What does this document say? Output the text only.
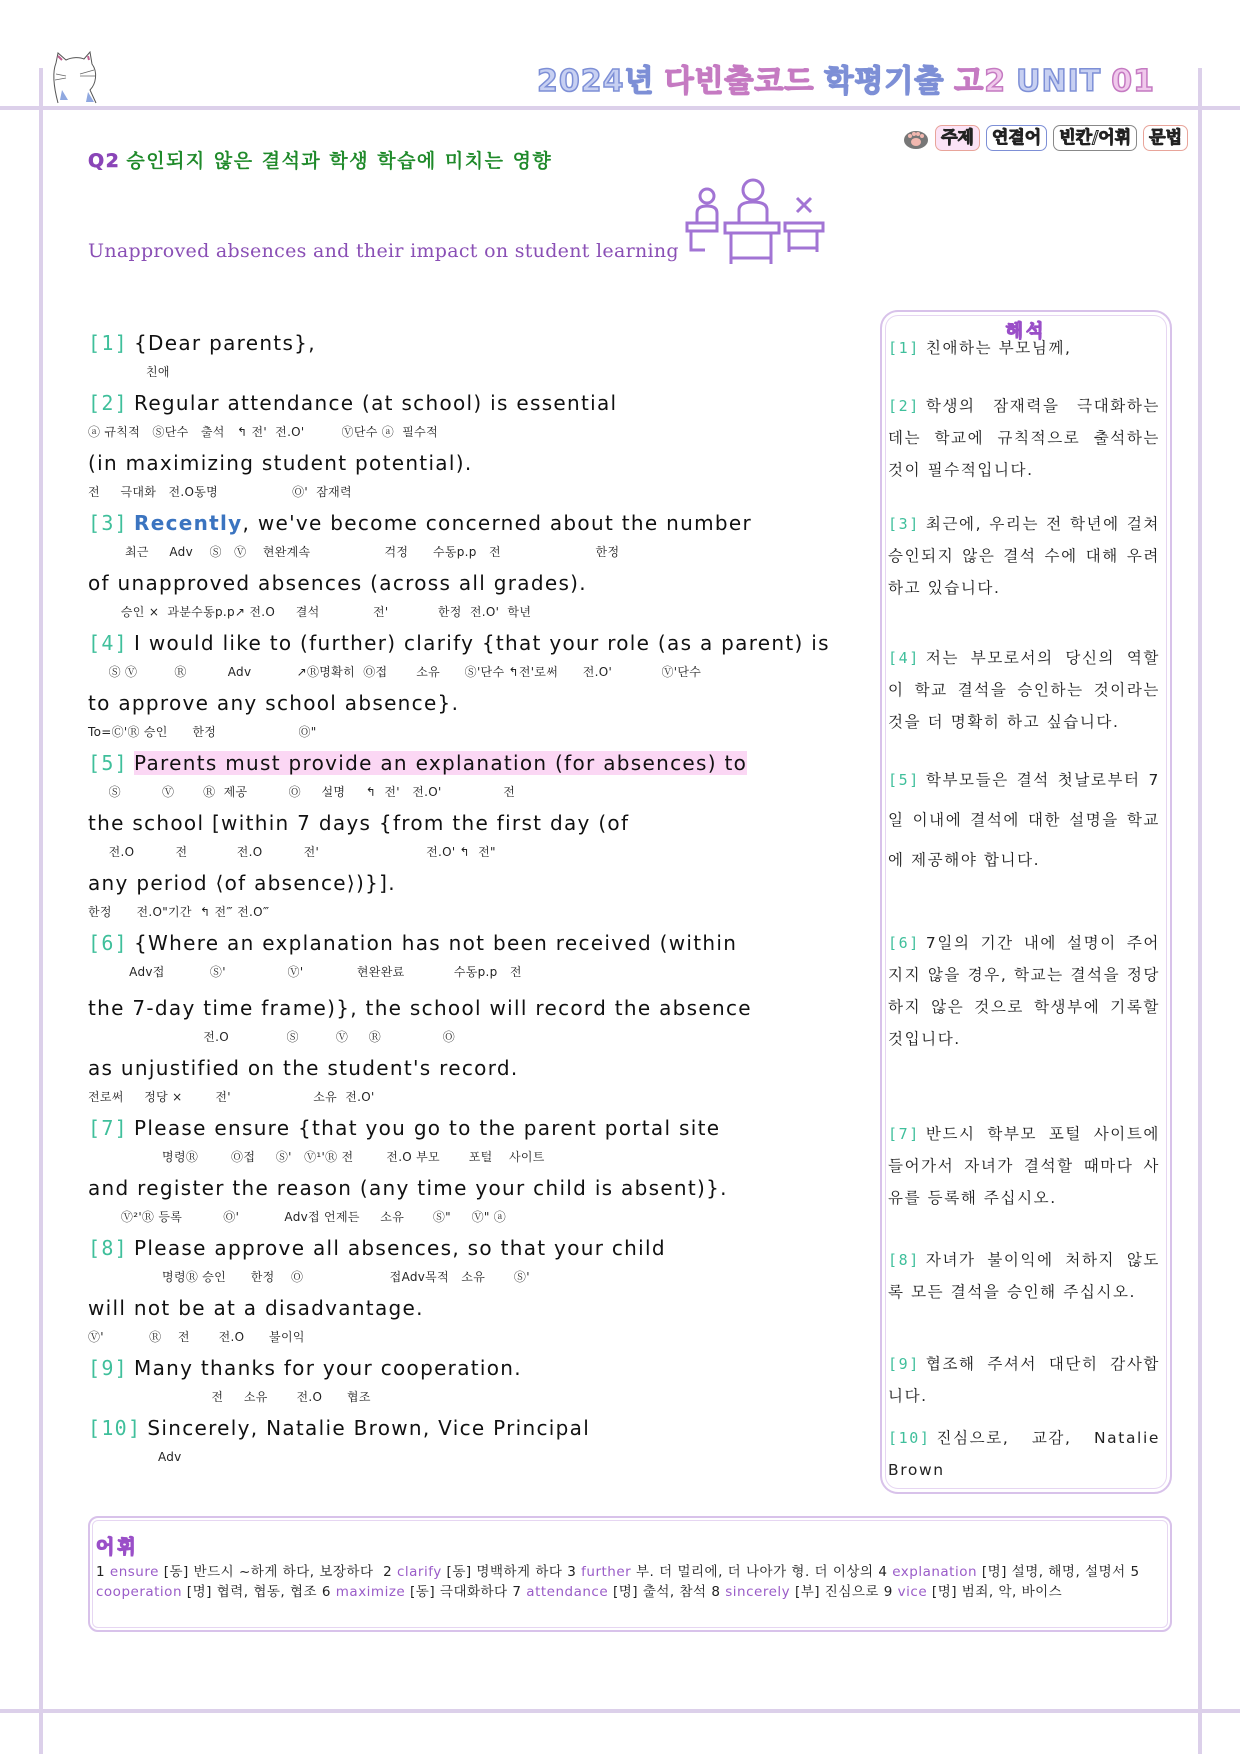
2024년 다빈출코드 학평기출 고2 UNIT 01
주제	연결어	빈칸/어휘	문법
Q2 승인되지 않은 결석과 학생 학습에 미치는 영향
Unapproved absences and their impact on student learning
[1] {Dear parents},
친애
[2] Regular attendance (at school) is essential
ⓐ 규칙적   Ⓢ단수   출석   ↰ 전'  전.O'         Ⓥ단수 ⓐ  필수적
(in maximizing student potential).
전     극대화   전.O동명                  Ⓞ'  잠재력
[3] Recently, we've become concerned about the number
최근     Adv    Ⓢ   Ⓥ    현완계속                  걱정      수동p.p   전                       한정
of unapproved absences (across all grades).
승인 ×  과분수동p.p↗ 전.O     결석             전'            한정  전.O'  학년
[4] I would like to (further) clarify {that your role (as a parent) is
Ⓢ Ⓥ         Ⓡ          Adv           ↗Ⓡ명확히  Ⓞ접       소유      Ⓢ'단수 ↰전'로써      전.O'            Ⓥ'단수
to approve any school absence}.
To=Ⓒ'Ⓡ 승인      한정                    Ⓞ"
[5] Parents must provide an explanation (for absences) to
Ⓢ          Ⓥ       Ⓡ  제공          Ⓞ     설명     ↰  전'   전.O'               전
the school [within 7 days {from the first day (of
전.O          전            전.O          전'                          전.O' ↰  전"
any period ⟨of absence⟩)}].
한정      전.O"기간  ↰ 전‴ 전.O‴
[6] {Where an explanation has not been received (within
Adv접           Ⓢ'               Ⓥ'             현완완료            수동p.p   전
the 7-day time frame)}, the school will record the absence
전.O              Ⓢ         Ⓥ     Ⓡ               Ⓞ
as unjustified on the student's record.
전로써     정당 ×        전'                    소유  전.O'
[7] Please ensure {that you go to the parent portal site
명령Ⓡ        Ⓞ접     Ⓢ'   Ⓥ¹'Ⓡ 전        전.O 부모       포털    사이트
and register the reason (any time your child is absent)}.
Ⓥ²'Ⓡ 등록          Ⓞ'           Adv접 언제든     소유       Ⓢ"     Ⓥ" ⓐ
[8] Please approve all absences, so that your child
명령Ⓡ 승인      한정    Ⓞ                     접Adv목적   소유       Ⓢ'
will not be at a disadvantage.
Ⓥ'           Ⓡ    전       전.O      불이익
[9] Many thanks for your cooperation.
전     소유       전.O      협조
[10] Sincerely, Natalie Brown, Vice Principal
Adv
해석
[1] 친애하는 부모님께,
[2] 학생의 잠재력을 극대화하는 데는 학교에 규칙적으로 출석하는 것이 필수적입니다.
[3] 최근에, 우리는 전 학년에 걸쳐 승인되지 않은 결석 수에 대해 우려하고 있습니다.
[4] 저는 부모로서의 당신의 역할이 학교 결석을 승인하는 것이라는 것을 더 명확히 하고 싶습니다.
[5] 학부모들은 결석 첫날로부터 7일 이내에 결석에 대한 설명을 학교에 제공해야 합니다.
[6] 7일의 기간 내에 설명이 주어지지 않을 경우, 학교는 결석을 정당하지 않은 것으로 학생부에 기록할 것입니다.
[7] 반드시 학부모 포털 사이트에 들어가서 자녀가 결석할 때마다 사유를 등록해 주십시오.
[8] 자녀가 불이익에 처하지 않도록 모든 결석을 승인해 주십시오.
[9] 협조해 주셔서 대단히 감사합니다.
[10] 진심으로, 교감, Natalie Brown
어휘
1 ensure [동] 반드시 ~하게 하다, 보장하다 2 clarify [동] 명백하게 하다 3 further 부. 더 멀리에, 더 나아가 형. 더 이상의 4 explanation [명] 설명, 해명, 설명서 5 cooperation [명] 협력, 협동, 협조 6 maximize [동] 극대화하다 7 attendance [명] 출석, 참석 8 sincerely [부] 진심으로 9 vice [명] 범죄, 악, 바이스
